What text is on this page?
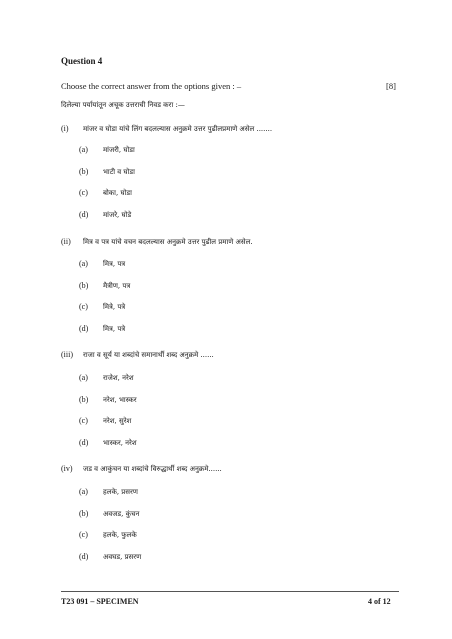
Question 4
Choose the correct answer from the options given : –	[8]
दिलेल्या पर्यायांतून अचूक उत्तराची निवड करा :—
(i) मांजर व घोडा यांचे लिंग बदलल्यास अनुक्रमे उत्तर पुढीलप्रमाणे असेल .......
(a) मांजरी, घोडा
(b) भाटी व घोडा
(c) बोका, घोडा
(d) मांजरे, घोडे
(ii) मित्र व पत्र यांचे वचन बदलल्यास अनुक्रमे उत्तर पुढील प्रमाणे असेल.
(a) मित्र, पत्र
(b) मैत्रीण, पत्र
(c) मित्रे, पत्रे
(d) मित्र, पत्रे
(iii) राजा व सूर्य या शब्दांचे समानार्थी शब्द अनुक्रमे ......
(a) राजेश, नरेश
(b) नरेश, भास्कर
(c) नरेश, सुरेश
(d) भास्कर, नरेश
(iv) जड व आकुंचन या शब्दांचे विरुद्धार्थी शब्द अनुक्रमे......
(a) हलके, प्रसरण
(b) अवजड, कुंचन
(c) हलके, फुलके
(d) अवघड, प्रसरण
T23 091 – SPECIMEN	4 of 12
